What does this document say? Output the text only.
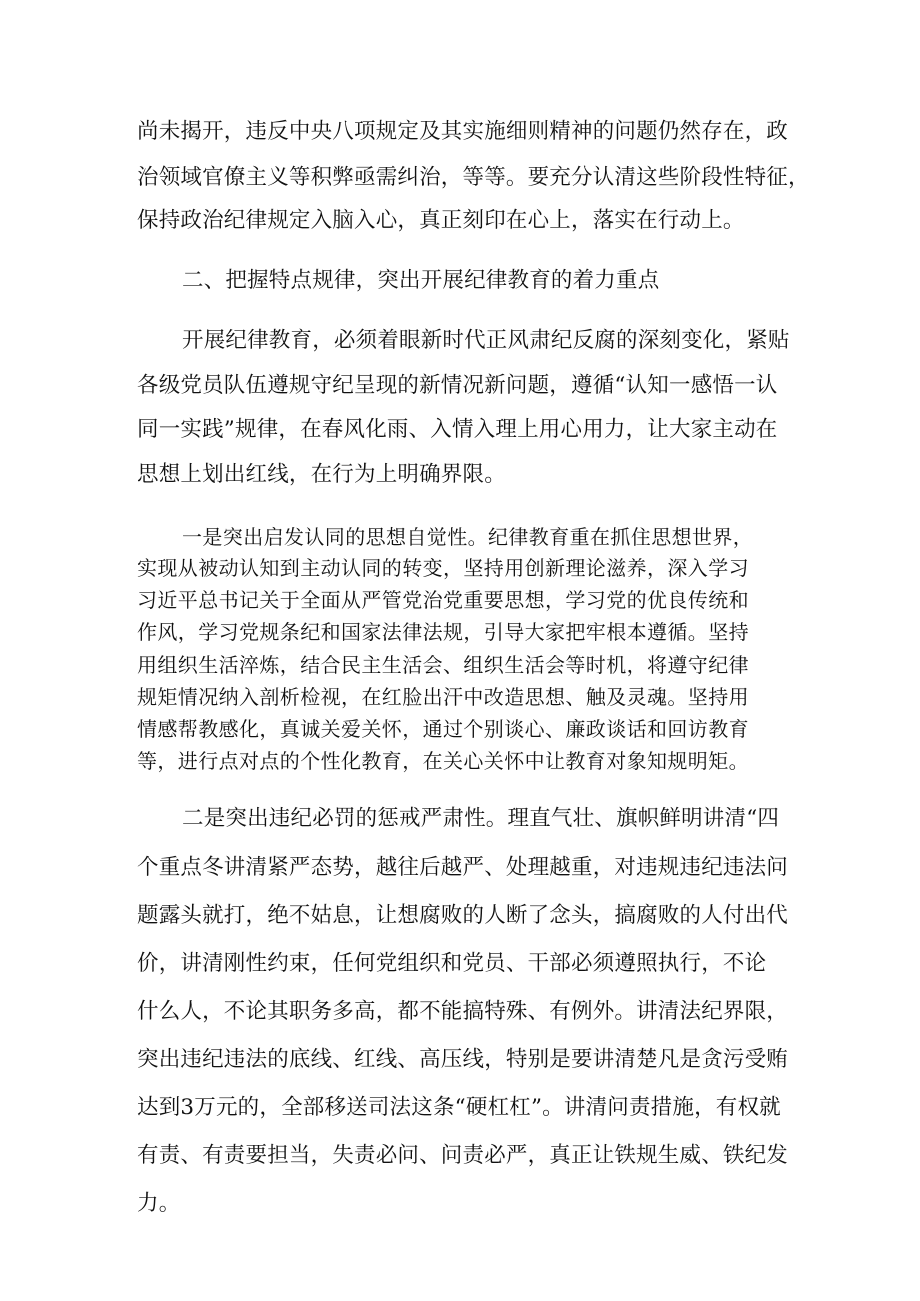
尚未揭开，违反中央八项规定及其实施细则精神的问题仍然存在，政
治领域官僚主义等积弊亟需纠治，等等。要充分认清这些阶段性特征，
保持政治纪律规定入脑入心，真正刻印在心上，落实在行动上。
二、把握特点规律，突出开展纪律教育的着力重点
开展纪律教育，必须着眼新时代正风肃纪反腐的深刻变化，紧贴
各级党员队伍遵规守纪呈现的新情况新问题，遵循“认知一感悟一认
同一实践”规律，在春风化雨、入情入理上用心用力，让大家主动在
思想上划出红线，在行为上明确界限。
一是突出启发认同的思想自觉性。纪律教育重在抓住思想世界，
实现从被动认知到主动认同的转变，坚持用创新理论滋养，深入学习
习近平总书记关于全面从严管党治党重要思想，学习党的优良传统和
作风，学习党规条纪和国家法律法规，引导大家把牢根本遵循。坚持
用组织生活淬炼，结合民主生活会、组织生活会等时机，将遵守纪律
规矩情况纳入剖析检视，在红脸出汗中改造思想、触及灵魂。坚持用
情感帮教感化，真诚关爱关怀，通过个别谈心、廉政谈话和回访教育
等，进行点对点的个性化教育，在关心关怀中让教育对象知规明矩。
二是突出违纪必罚的惩戒严肃性。理直气壮、旗帜鲜明讲清“四
个重点冬讲清紧严态势，越往后越严、处理越重，对违规违纪违法问
题露头就打，绝不姑息，让想腐败的人断了念头，搞腐败的人付出代
价，讲清刚性约束，任何党组织和党员、干部必须遵照执行，不论
什么人，不论其职务多高，都不能搞特殊、有例外。讲清法纪界限，
突出违纪违法的底线、红线、高压线，特别是要讲清楚凡是贪污受贿
达到3万元的，全部移送司法这条“硬杠杠”。讲清问责措施，有权就
有责、有责要担当，失责必问、问责必严，真正让铁规生威、铁纪发
力。
